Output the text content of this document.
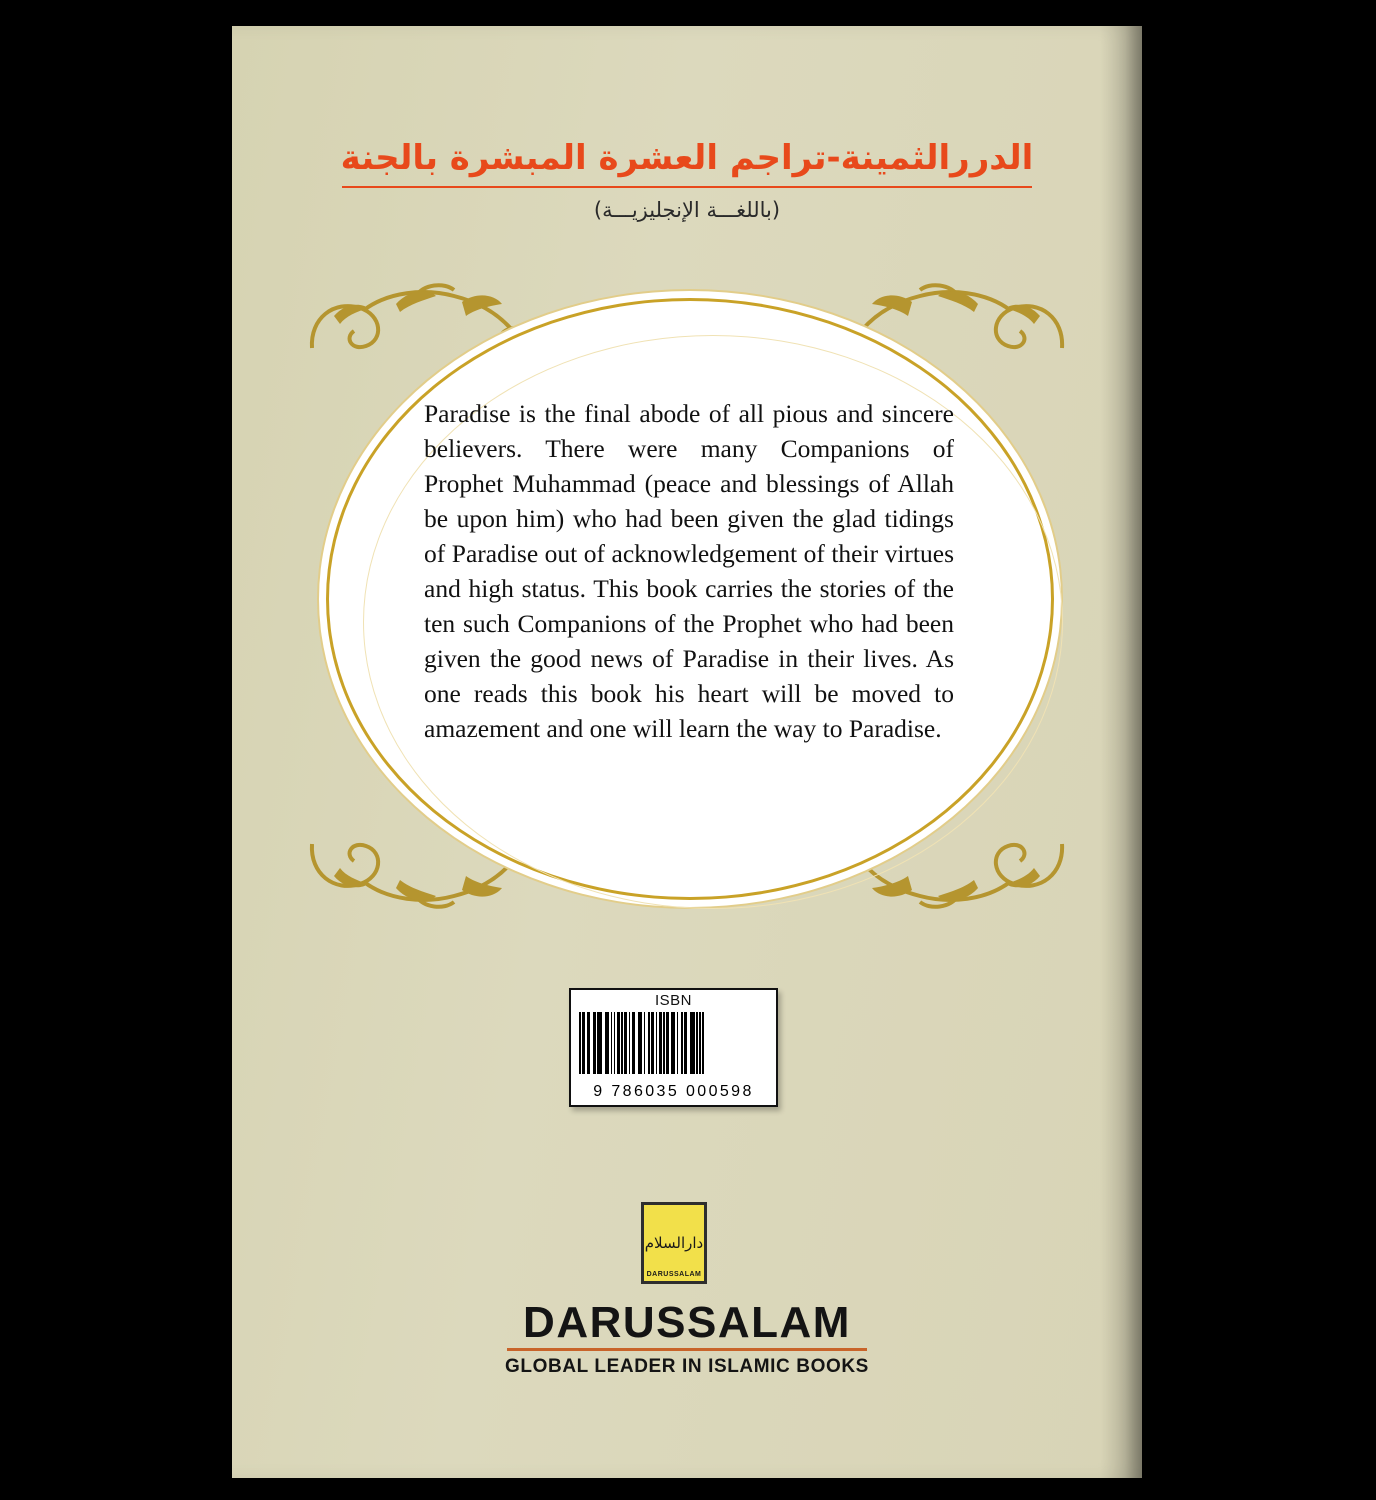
الدررالثمينة-تراجم العشرة المبشرة بالجنة
(باللغـــة الإنجليزيـــة)
Paradise is the final abode of all pious and sincere believers. There were many Companions of Prophet Muhammad (peace and blessings of Allah be upon him) who had been given the glad tidings of Paradise out of acknowledgement of their virtues and high status. This book carries the stories of the ten such Companions of the Prophet who had been given the good news of Paradise in their lives. As one reads this book his heart will be moved to amazement and one will learn the way to Paradise.
ISBN
9 786035 000598
دارالسلام
DARUSSALAM
DARUSSALAM
GLOBAL LEADER IN ISLAMIC BOOKS
